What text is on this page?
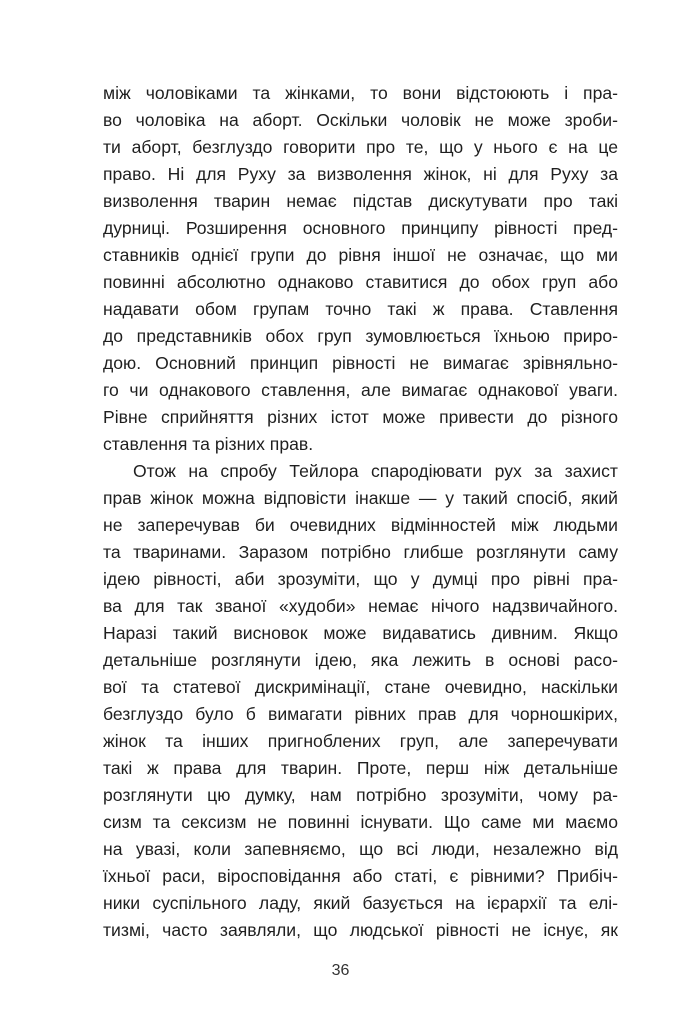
між чоловіками та жінками, то вони відстоюють і пра-
во чоловіка на аборт. Оскільки чоловік не може зроби-
ти аборт, безглуздо говорити про те, що у нього є на це
право. Ні для Руху за визволення жінок, ні для Руху за
визволення тварин немає підстав дискутувати про такі
дурниці. Розширення основного принципу рівності пред-
ставників однієї групи до рівня іншої не означає, що ми
повинні абсолютно однаково ставитися до обох груп або
надавати обом групам точно такі ж права. Ставлення
до представників обох груп зумовлюється їхньою приро-
дою. Основний принцип рівності не вимагає зрівняльно-
го чи однакового ставлення, але вимагає однакової уваги.
Рівне сприйняття різних істот може привести до різного
ставлення та різних прав.
Отож на спробу Тейлора спародіювати рух за захист
прав жінок можна відповісти інакше — у такий спосіб, який
не заперечував би очевидних відмінностей між людьми
та тваринами. Заразом потрібно глибше розглянути саму
ідею рівності, аби зрозуміти, що у думці про рівні пра-
ва для так званої «худоби» немає нічого надзвичайного.
Наразі такий висновок може видаватись дивним. Якщо
детальніше розглянути ідею, яка лежить в основі расо-
вої та статевої дискримінації, стане очевидно, наскільки
безглуздо було б вимагати рівних прав для чорношкірих,
жінок та інших пригноблених груп, але заперечувати
такі ж права для тварин. Проте, перш ніж детальніше
розглянути цю думку, нам потрібно зрозуміти, чому ра-
сизм та сексизм не повинні існувати. Що саме ми маємо
на увазі, коли запевняємо, що всі люди, незалежно від
їхньої раси, віросповідання або статі, є рівними? Прибіч-
ники суспільного ладу, який базується на ієрархії та елі-
тизмі, часто заявляли, що людської рівності не існує, як
36
